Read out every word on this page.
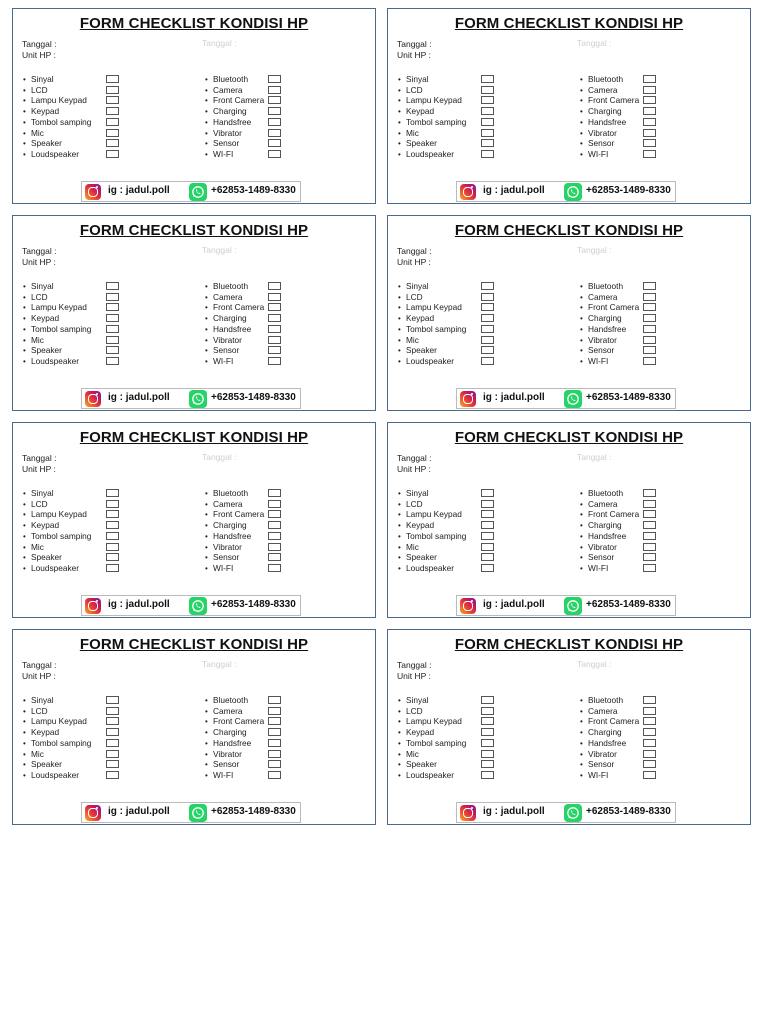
FORM CHECKLIST KONDISI HP
Tanggal :
Unit HP :
Tanggal :
• Sinyal
• LCD
• Lampu Keypad
• Keypad
• Tombol samping
• Mic
• Speaker
• Loudspeaker
• Bluetooth
• Camera
• Front Camera
• Charging
• Handsfree
• Vibrator
• Sensor
• WI-FI
ig : jadul.poll	+62853-1489-8330
FORM CHECKLIST KONDISI HP
Tanggal :
Unit HP :
Tanggal :
• Sinyal
• LCD
• Lampu Keypad
• Keypad
• Tombol samping
• Mic
• Speaker
• Loudspeaker
• Bluetooth
• Camera
• Front Camera
• Charging
• Handsfree
• Vibrator
• Sensor
• WI-FI
ig : jadul.poll	+62853-1489-8330
FORM CHECKLIST KONDISI HP
Tanggal :
Unit HP :
Tanggal :
• Sinyal
• LCD
• Lampu Keypad
• Keypad
• Tombol samping
• Mic
• Speaker
• Loudspeaker
• Bluetooth
• Camera
• Front Camera
• Charging
• Handsfree
• Vibrator
• Sensor
• WI-FI
ig : jadul.poll	+62853-1489-8330
FORM CHECKLIST KONDISI HP
Tanggal :
Unit HP :
Tanggal :
• Sinyal
• LCD
• Lampu Keypad
• Keypad
• Tombol samping
• Mic
• Speaker
• Loudspeaker
• Bluetooth
• Camera
• Front Camera
• Charging
• Handsfree
• Vibrator
• Sensor
• WI-FI
ig : jadul.poll	+62853-1489-8330
FORM CHECKLIST KONDISI HP
Tanggal :
Unit HP :
Tanggal :
• Sinyal
• LCD
• Lampu Keypad
• Keypad
• Tombol samping
• Mic
• Speaker
• Loudspeaker
• Bluetooth
• Camera
• Front Camera
• Charging
• Handsfree
• Vibrator
• Sensor
• WI-FI
ig : jadul.poll	+62853-1489-8330
FORM CHECKLIST KONDISI HP
Tanggal :
Unit HP :
Tanggal :
• Sinyal
• LCD
• Lampu Keypad
• Keypad
• Tombol samping
• Mic
• Speaker
• Loudspeaker
• Bluetooth
• Camera
• Front Camera
• Charging
• Handsfree
• Vibrator
• Sensor
• WI-FI
ig : jadul.poll	+62853-1489-8330
FORM CHECKLIST KONDISI HP
Tanggal :
Unit HP :
Tanggal :
• Sinyal
• LCD
• Lampu Keypad
• Keypad
• Tombol samping
• Mic
• Speaker
• Loudspeaker
• Bluetooth
• Camera
• Front Camera
• Charging
• Handsfree
• Vibrator
• Sensor
• WI-FI
ig : jadul.poll	+62853-1489-8330
FORM CHECKLIST KONDISI HP
Tanggal :
Unit HP :
Tanggal :
• Sinyal
• LCD
• Lampu Keypad
• Keypad
• Tombol samping
• Mic
• Speaker
• Loudspeaker
• Bluetooth
• Camera
• Front Camera
• Charging
• Handsfree
• Vibrator
• Sensor
• WI-FI
ig : jadul.poll	+62853-1489-8330
